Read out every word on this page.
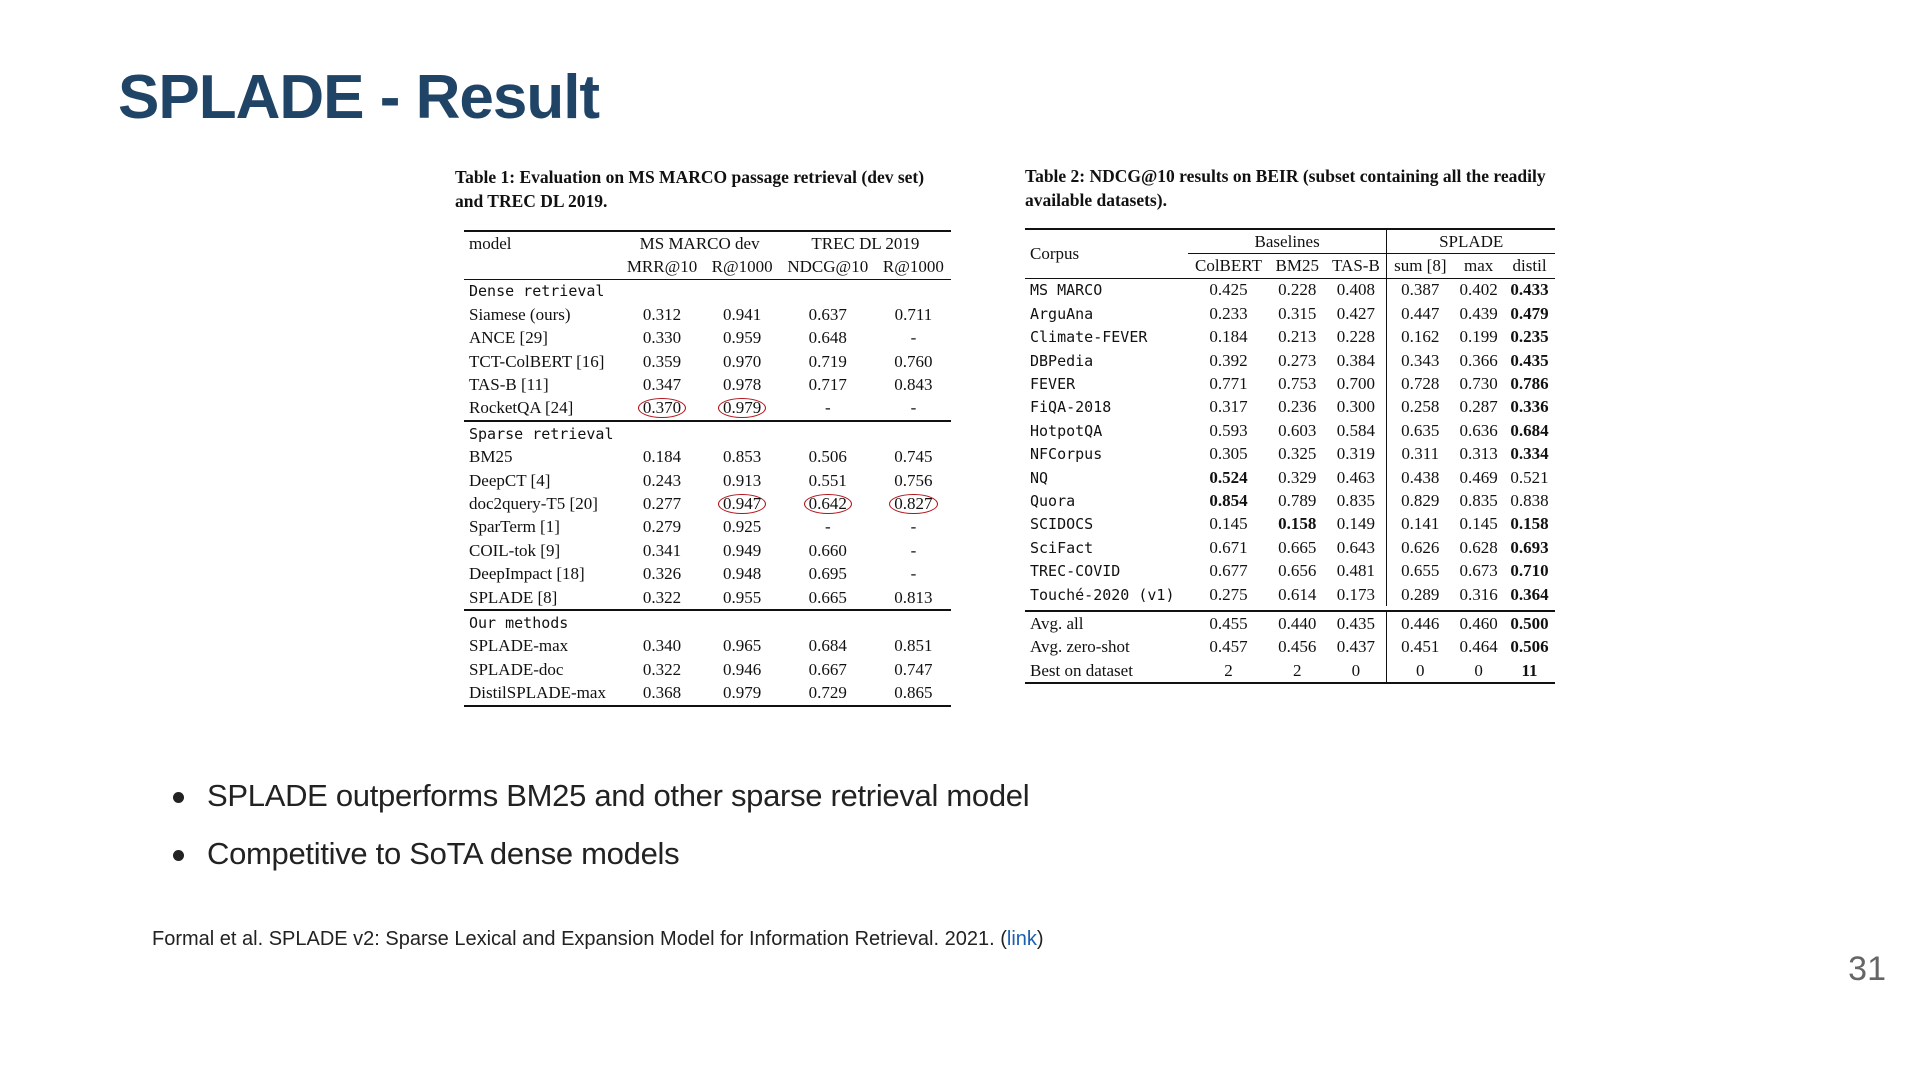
SPLADE - Result
Table 1: Evaluation on MS MARCO passage retrieval (dev set) and TREC DL 2019.
model	MS MARCO dev		TREC DL 2019	
	MRR@10	R@1000	NDCG@10	R@1000
Dense retrieval				
Siamese (ours)	0.312	0.941	0.637	0.711
ANCE [29]	0.330	0.959	0.648	-
TCT-ColBERT [16]	0.359	0.970	0.719	0.760
TAS-B [11]	0.347	0.978	0.717	0.843
RocketQA [24]	0.370	0.979	-	-
Sparse retrieval				
BM25	0.184	0.853	0.506	0.745
DeepCT [4]	0.243	0.913	0.551	0.756
doc2query-T5 [20]	0.277	0.947	0.642	0.827
SparTerm [1]	0.279	0.925	-	-
COIL-tok [9]	0.341	0.949	0.660	-
DeepImpact [18]	0.326	0.948	0.695	-
SPLADE [8]	0.322	0.955	0.665	0.813
Our methods				
SPLADE-max	0.340	0.965	0.684	0.851
SPLADE-doc	0.322	0.946	0.667	0.747
DistilSPLADE-max	0.368	0.979	0.729	0.865
Table 2: NDCG@10 results on BEIR (subset containing all the readily available datasets).
Corpus	Baselines			SPLADE		
	ColBERT	BM25	TAS-B	sum [8]	max	distil
MS MARCO	0.425	0.228	0.408	0.387	0.402	0.433
ArguAna	0.233	0.315	0.427	0.447	0.439	0.479
Climate-FEVER	0.184	0.213	0.228	0.162	0.199	0.235
DBPedia	0.392	0.273	0.384	0.343	0.366	0.435
FEVER	0.771	0.753	0.700	0.728	0.730	0.786
FiQA-2018	0.317	0.236	0.300	0.258	0.287	0.336
HotpotQA	0.593	0.603	0.584	0.635	0.636	0.684
NFCorpus	0.305	0.325	0.319	0.311	0.313	0.334
NQ	0.524	0.329	0.463	0.438	0.469	0.521
Quora	0.854	0.789	0.835	0.829	0.835	0.838
SCIDOCS	0.145	0.158	0.149	0.141	0.145	0.158
SciFact	0.671	0.665	0.643	0.626	0.628	0.693
TREC-COVID	0.677	0.656	0.481	0.655	0.673	0.710
Touché-2020 (v1)	0.275	0.614	0.173	0.289	0.316	0.364

Avg. all	0.455	0.440	0.435	0.446	0.460	0.500
Avg. zero-shot	0.457	0.456	0.437	0.451	0.464	0.506
Best on dataset	2	2	0	0	0	11
SPLADE outperforms BM25 and other sparse retrieval model
Competitive to SoTA dense models
Formal et al. SPLADE v2: Sparse Lexical and Expansion Model for Information Retrieval. 2021. (link)
31
